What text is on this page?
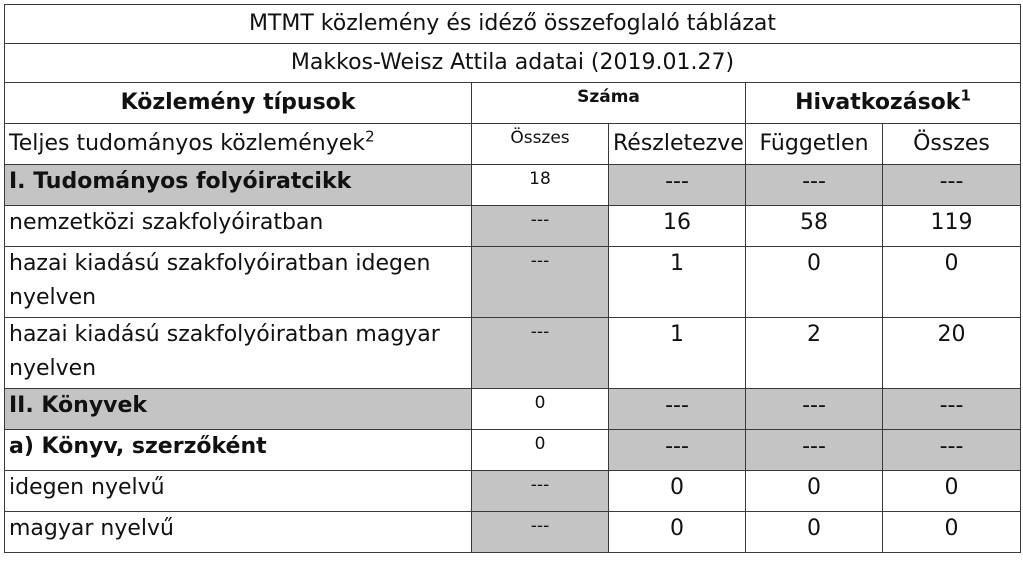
MTMT közlemény és idéző összefoglaló táblázat				
Makkos-Weisz Attila adatai (2019.01.27)				
Közlemény típusok	Száma		Hivatkozások$^1$
Teljes tudományos közlemények$^2$	Összes	Részletezve	Független	Összes
I. Tudományos folyóiratcikk	18	---	---	---
nemzetközi szakfolyóiratban	---	16	58	119
hazai kiadású szakfolyóiratban idegen nyelven	---	1	0	0
hazai kiadású szakfolyóiratban magyar nyelven	---	1	2	20
II. Könyvek	0	---	---	---
a) Könyv, szerzőként	0	---	---	---
idegen nyelvű	---	0	0	0
magyar nyelvű	---	0	0	0
